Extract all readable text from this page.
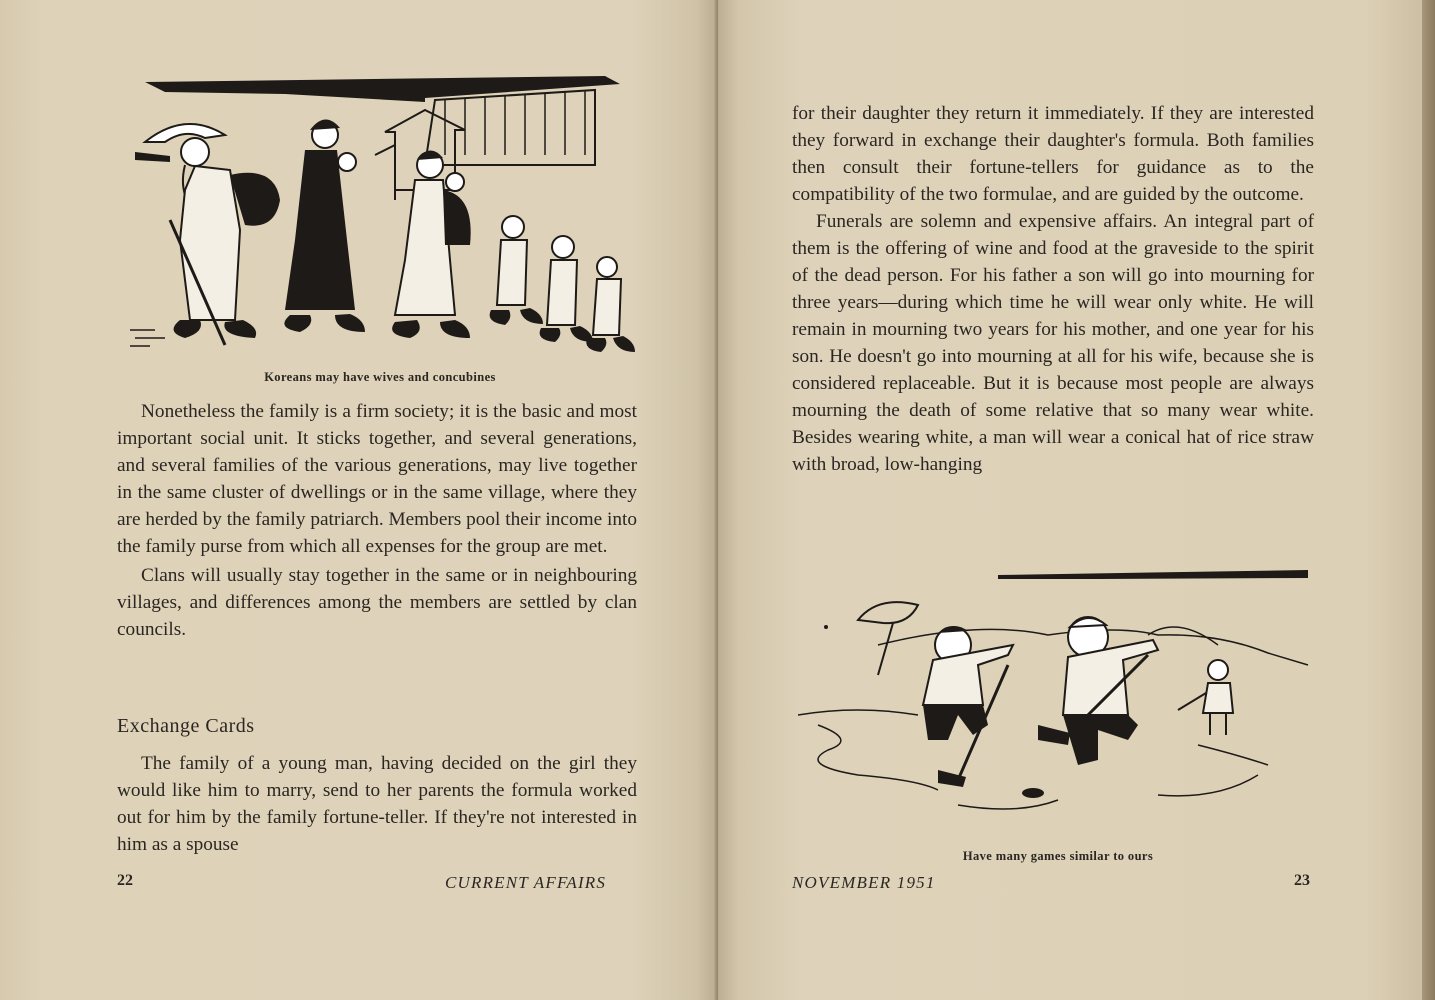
Koreans may have wives and concubines

Nonetheless the family is a firm society; it is the basic and most important social unit. It sticks together, and several generations, and several families of the various generations, may live together in the same cluster of dwellings or in the same village, where they are herded by the family patriarch. Members pool their income into the family purse from which all expenses for the group are met.

Clans will usually stay together in the same or in neighbouring villages, and differences among the members are settled by clan councils.

Exchange Cards

The family of a young man, having decided on the girl they would like him to marry, send to her parents the formula worked out for him by the family fortune-teller. If they're not interested in him as a spouse

22	CURRENT AFFAIRS

for their daughter they return it immediately. If they are interested they forward in exchange their daughter's formula. Both families then consult their fortune-tellers for guidance as to the compatibility of the two formulae, and are guided by the outcome.

Funerals are solemn and expensive affairs. An integral part of them is the offering of wine and food at the graveside to the spirit of the dead person. For his father a son will go into mourning for three years—during which time he will wear only white. He will remain in mourning two years for his mother, and one year for his son. He doesn't go into mourning at all for his wife, because she is considered replaceable. But it is because most people are always mourning the death of some relative that so many wear white. Besides wearing white, a man will wear a conical hat of rice straw with broad, low-hanging

Have many games similar to ours
NOVEMBER 1951	23
